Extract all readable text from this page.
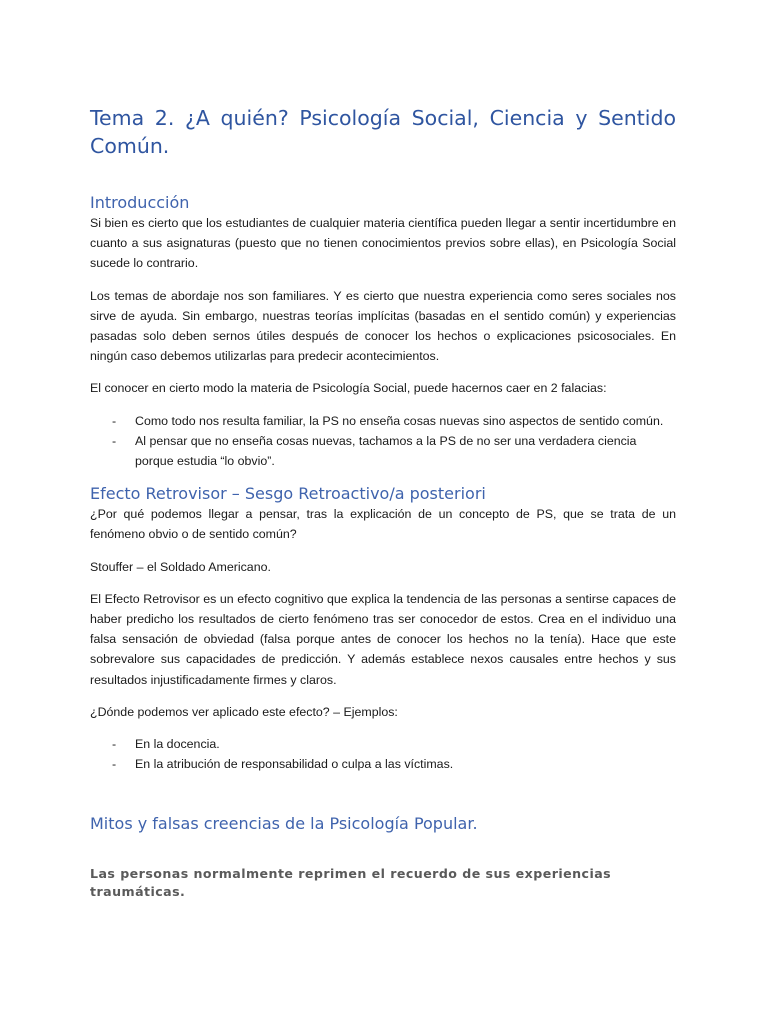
Tema 2. ¿A quién? Psicología Social, Ciencia y Sentido Común.
Introducción

Si bien es cierto que los estudiantes de cualquier materia científica pueden llegar a sentir incertidumbre en cuanto a sus asignaturas (puesto que no tienen conocimientos previos sobre ellas), en Psicología Social sucede lo contrario.

Los temas de abordaje nos son familiares. Y es cierto que nuestra experiencia como seres sociales nos sirve de ayuda. Sin embargo, nuestras teorías implícitas (basadas en el sentido común) y experiencias pasadas solo deben sernos útiles después de conocer los hechos o explicaciones psicosociales. En ningún caso debemos utilizarlas para predecir acontecimientos.

El conocer en cierto modo la materia de Psicología Social, puede hacernos caer en 2 falacias:

- Como todo nos resulta familiar, la PS no enseña cosas nuevas sino aspectos de sentido común.
- Al pensar que no enseña cosas nuevas, tachamos a la PS de no ser una verdadera ciencia porque estudia “lo obvio”.
Efecto Retrovisor – Sesgo Retroactivo/a posteriori

¿Por qué podemos llegar a pensar, tras la explicación de un concepto de PS, que se trata de un fenómeno obvio o de sentido común?

Stouffer – el Soldado Americano.

El Efecto Retrovisor es un efecto cognitivo que explica la tendencia de las personas a sentirse capaces de haber predicho los resultados de cierto fenómeno tras ser conocedor de estos. Crea en el individuo una falsa sensación de obviedad (falsa porque antes de conocer los hechos no la tenía). Hace que este sobrevalore sus capacidades de predicción. Y además establece nexos causales entre hechos y sus resultados injustificadamente firmes y claros.

¿Dónde podemos ver aplicado este efecto? – Ejemplos:

- En la docencia.
- En la atribución de responsabilidad o culpa a las víctimas.
Mitos y falsas creencias de la Psicología Popular.
Las personas normalmente reprimen el recuerdo de sus experiencias traumáticas.
